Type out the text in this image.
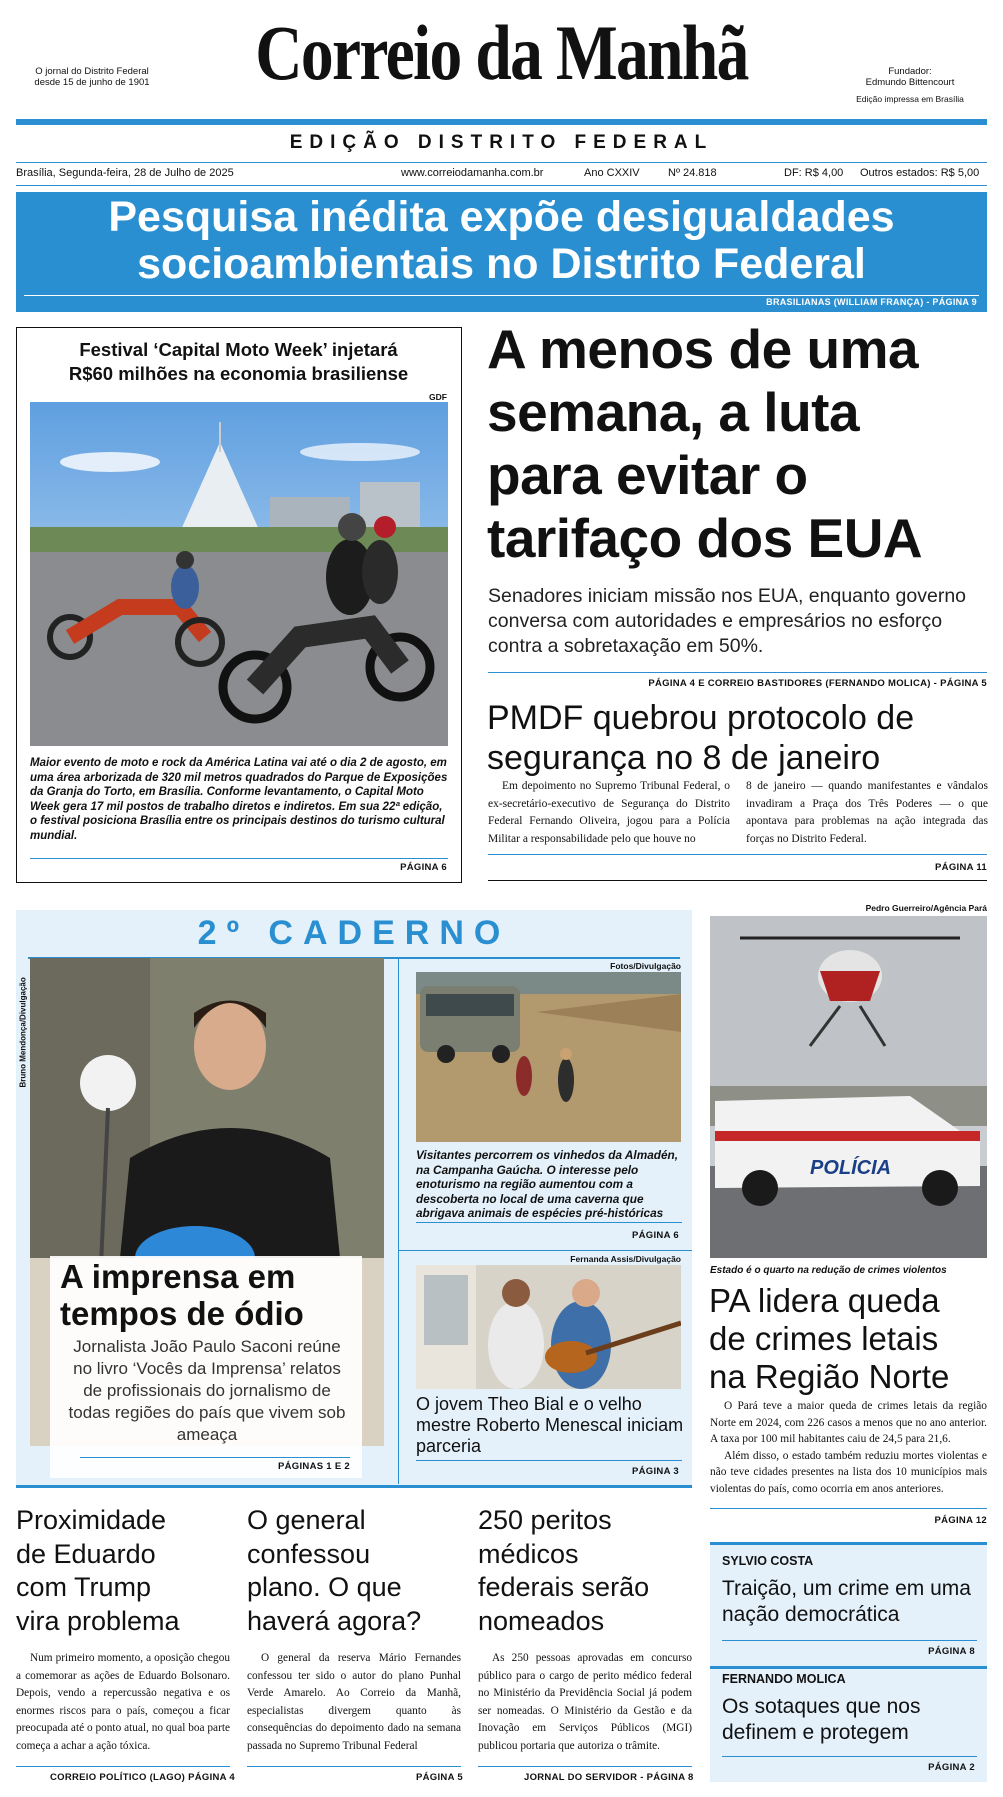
O jornal do Distrito Federal desde 15 de junho de 1901	Correio da Manhã	Fundador:
Edmundo Bittencourt
Edição impressa em Brasília
EDIÇÃO DISTRITO FEDERAL
Brasília, Segunda-feira, 28 de Julho de 2025	www.correiodamanha.com.br	Ano CXXIV	Nº 24.818	DF: R$ 4,00 Outros estados: R$ 5,00
Pesquisa inédita expõe desigualdades
socioambientais no Distrito Federal
BRASILIANAS (WILLIAM FRANÇA) - PÁGINA 9
Festival ‘Capital Moto Week’ injetará
R$60 milhões na economia brasiliense
GDF
Maior evento de moto e rock da América Latina vai até o dia 2 de agosto, em uma área arborizada de 320 mil metros quadrados do Parque de Exposições da Granja do Torto, em Brasília. Conforme levantamento, o Capital Moto Week gera 17 mil postos de trabalho diretos e indiretos. Em sua 22ª edição, o festival posiciona Brasília entre os principais destinos do turismo cultural mundial.
PÁGINA 6
A menos de uma
semana, a luta
para evitar o
tarifaço dos EUA
Senadores iniciam missão nos EUA, enquanto governo conversa com autoridades e empresários no esforço contra a sobretaxação em 50%.
PÁGINA 4 E CORREIO BASTIDORES (FERNANDO MOLICA) - PÁGINA 5
PMDF quebrou protocolo de
segurança no 8 de janeiro
Em depoimento no Supremo Tribunal Federal, o ex-secretário-executivo de Segurança do Distrito Federal Fernando Oliveira, jogou para a Polícia Militar a responsabilidade pelo que houve no
8 de janeiro — quando manifestantes e vândalos invadiram a Praça dos Três Poderes — o que apontava para problemas na ação integrada das forças no Distrito Federal.
PÁGINA 11
2º CADERNO
Bruno Mendonça/Divulgação
A imprensa em
tempos de ódio
Jornalista João Paulo Saconi reúne no livro ‘Vocês da Imprensa’ relatos de profissionais do jornalismo de todas regiões do país que vivem sob ameaça
PÁGINAS 1 E 2
Fotos/Divulgação
Visitantes percorrem os vinhedos da Almadén, na Campanha Gaúcha. O interesse pelo enoturismo na região aumentou com a descoberta no local de uma caverna que abrigava animais de espécies pré-históricas
PÁGINA 6
Fernanda Assis/Divulgação
O jovem Theo Bial e o velho mestre Roberto Menescal iniciam parceria
PÁGINA 3
Pedro Guerreiro/Agência Pará
POLÍCIA
Estado é o quarto na redução de crimes violentos
PA lidera queda
de crimes letais
na Região Norte
O Pará teve a maior queda de crimes letais da região Norte em 2024, com 226 casos a menos que no ano anterior. A taxa por 100 mil habitantes caiu de 24,5 para 21,6.
Além disso, o estado também reduziu mortes violentas e não teve cidades presentes na lista dos 10 municípios mais violentas do país, como ocorria em anos anteriores.
PÁGINA 12
Proximidade
de Eduardo
com Trump
vira problema
Num primeiro momento, a oposição chegou a comemorar as ações de Eduardo Bolsonaro. Depois, vendo a repercussão negativa e os enormes riscos para o país, começou a ficar preocupada até o ponto atual, no qual boa parte começa a achar a ação tóxica.
CORREIO POLÍTICO (LAGO) PÁGINA 4
O general
confessou
plano. O que
haverá agora?
O general da reserva Mário Fernandes confessou ter sido o autor do plano Punhal Verde Amarelo. Ao Correio da Manhã, especialistas divergem quanto às consequências do depoimento dado na semana passada no Supremo Tribunal Federal
PÁGINA 5
250 peritos
médicos
federais serão
nomeados
As 250 pessoas aprovadas em concurso público para o cargo de perito médico federal no Ministério da Previdência Social já podem ser nomeadas. O Ministério da Gestão e da Inovação em Serviços Públicos (MGI) publicou portaria que autoriza o trâmite.
JORNAL DO SERVIDOR - PÁGINA 8
SYLVIO COSTA
Traição, um crime em uma nação democrática
PÁGINA 8
FERNANDO MOLICA
Os sotaques que nos definem e protegem
PÁGINA 2
